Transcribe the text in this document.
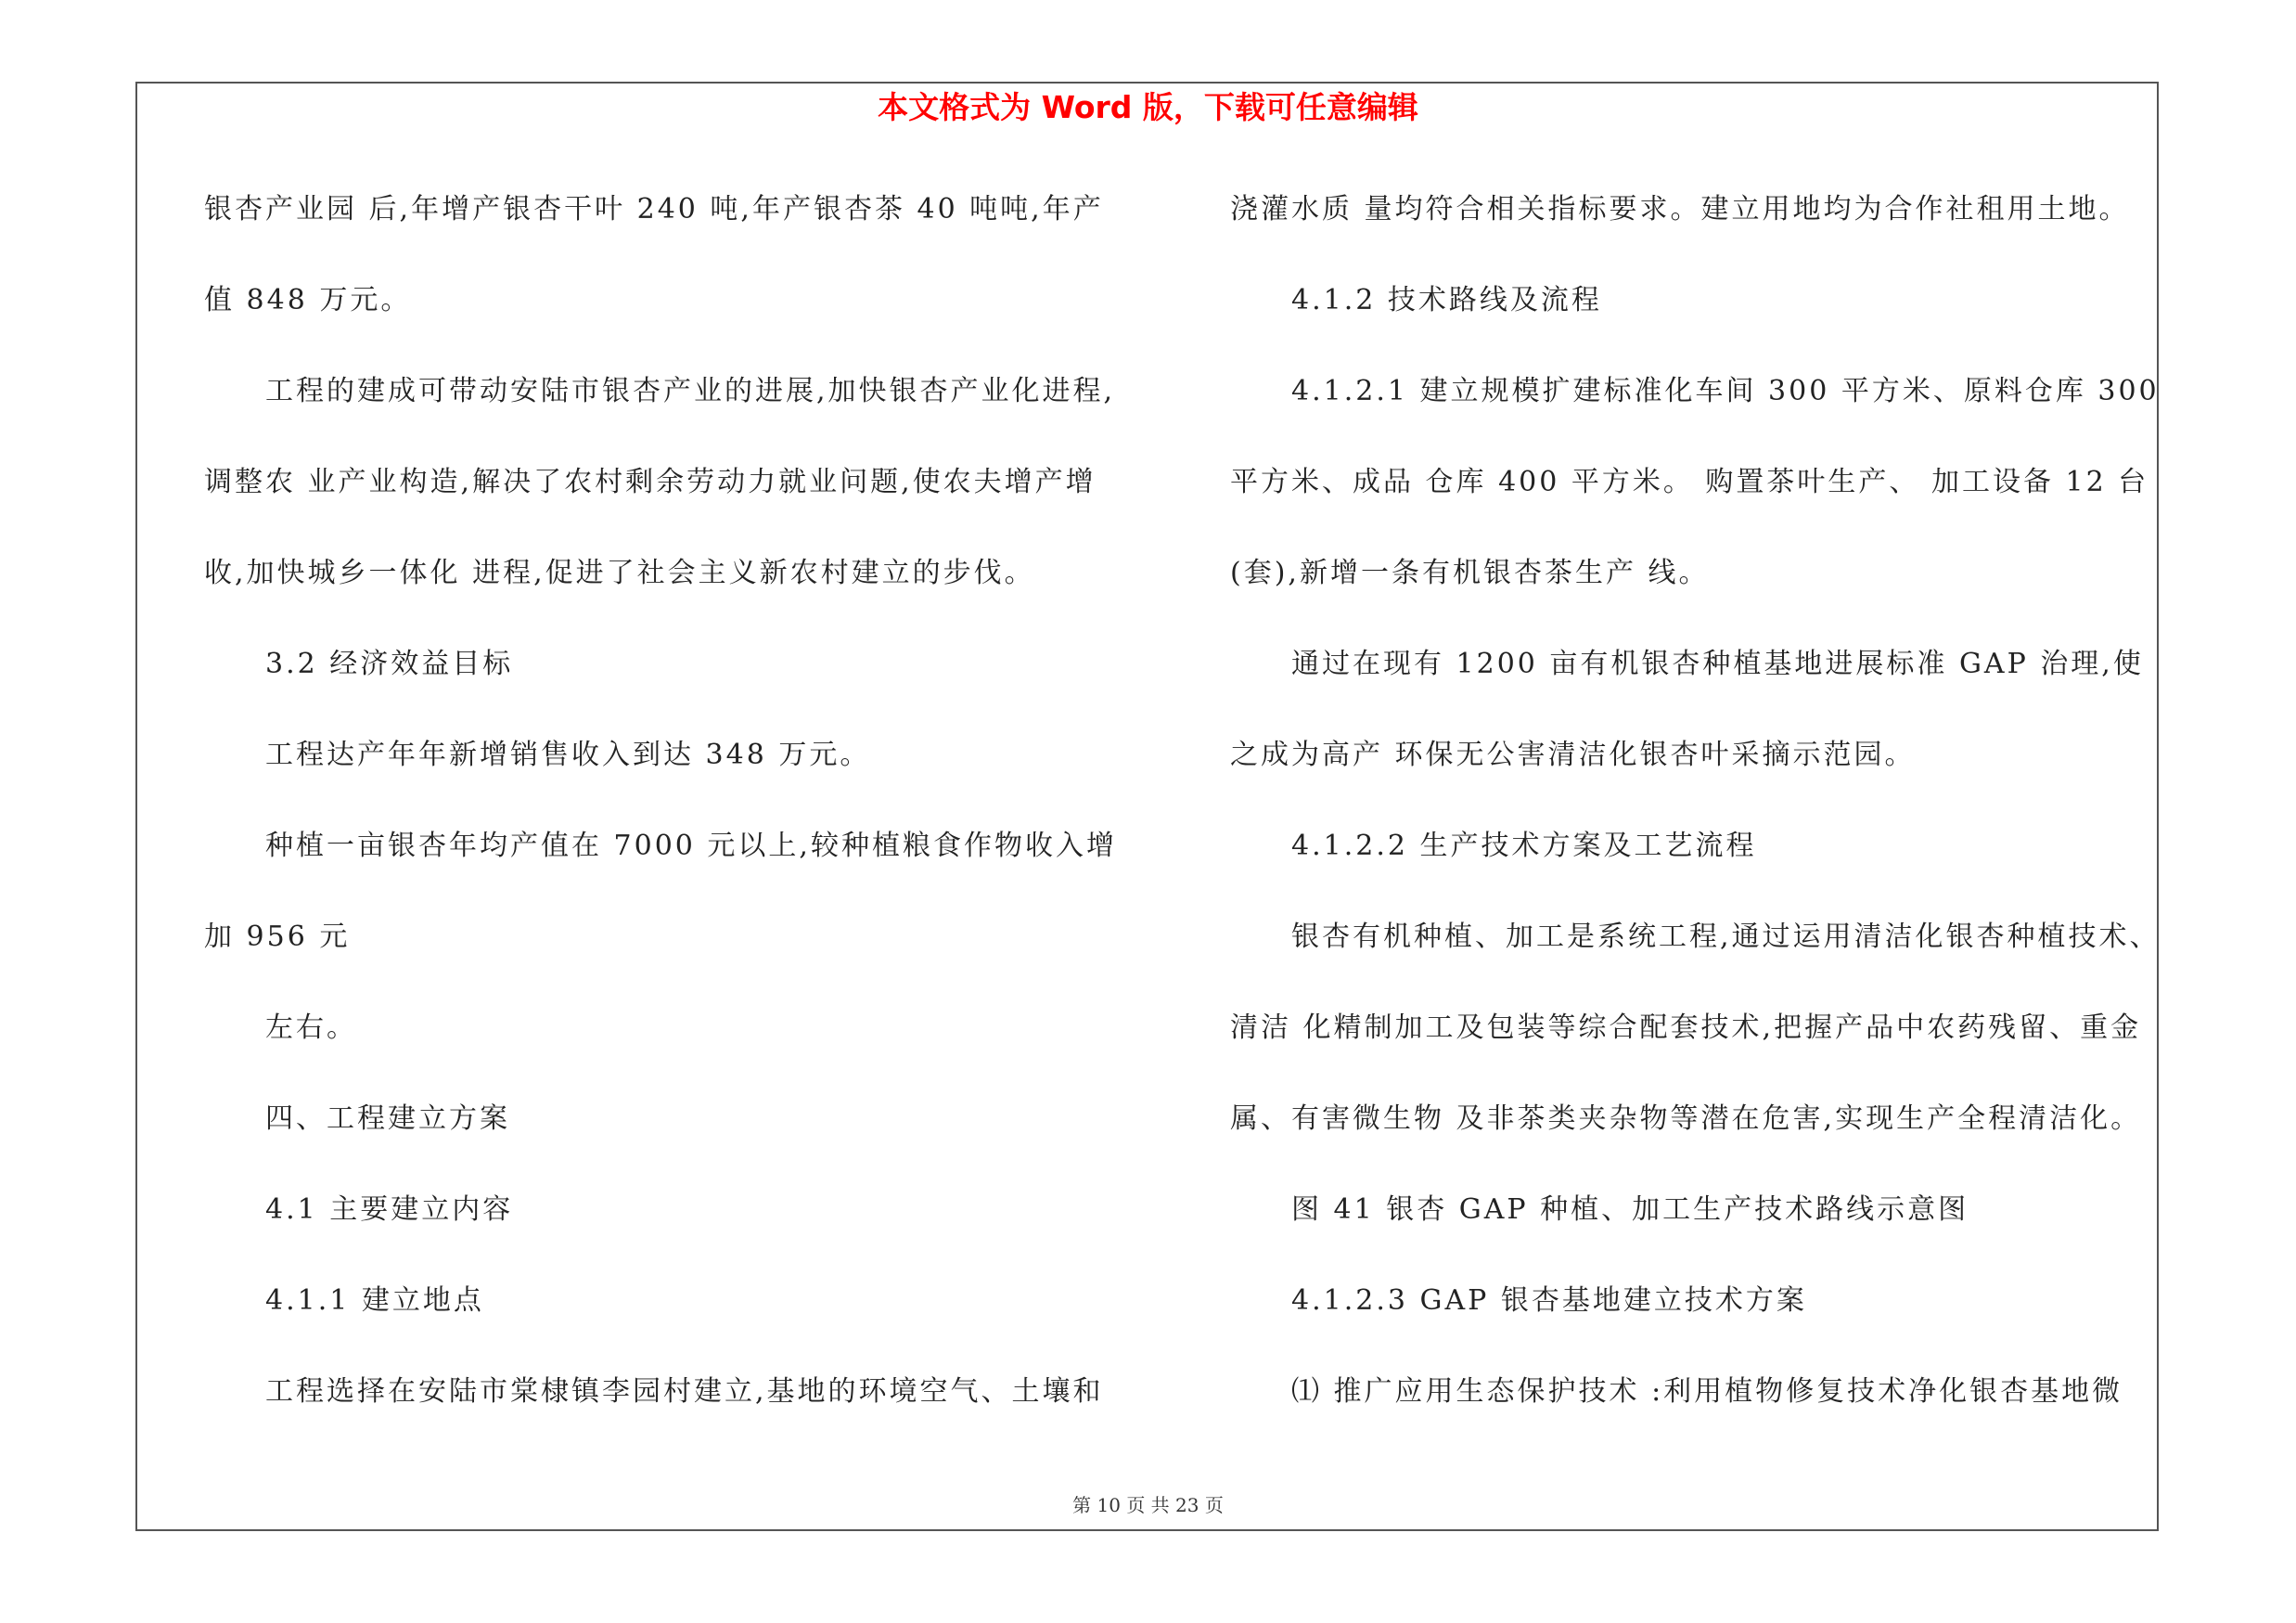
本文格式为 Word 版，下载可任意编辑
银杏产业园 后,年增产银杏干叶 240 吨,年产银杏茶 40 吨吨,年产
值 848 万元。
工程的建成可带动安陆市银杏产业的进展,加快银杏产业化进程,
调整农 业产业构造,解决了农村剩余劳动力就业问题,使农夫增产增
收,加快城乡一体化 进程,促进了社会主义新农村建立的步伐。
3.2 经济效益目标
工程达产年年新增销售收入到达 348 万元。
种植一亩银杏年均产值在 7000 元以上,较种植粮食作物收入增
加 956 元
左右。
四、工程建立方案
4.1 主要建立内容
4.1.1 建立地点
工程选择在安陆市棠棣镇李园村建立,基地的环境空气、土壤和
浇灌水质 量均符合相关指标要求。建立用地均为合作社租用土地。
4.1.2 技术路线及流程
4.1.2.1 建立规模扩建标准化车间 300 平方米、原料仓库 300
平方米、成品 仓库 400 平方米。 购置茶叶生产、 加工设备 12 台
(套),新增一条有机银杏茶生产 线。
通过在现有 1200 亩有机银杏种植基地进展标准 GAP 治理,使
之成为高产 环保无公害清洁化银杏叶采摘示范园。
4.1.2.2 生产技术方案及工艺流程
银杏有机种植、加工是系统工程,通过运用清洁化银杏种植技术、
清洁 化精制加工及包装等综合配套技术,把握产品中农药残留、重金
属、有害微生物 及非茶类夹杂物等潜在危害,实现生产全程清洁化。
图 41 银杏 GAP 种植、加工生产技术路线示意图
4.1.2.3 GAP 银杏基地建立技术方案
⑴ 推广应用生态保护技术 :利用植物修复技术净化银杏基地微
第 10 页 共 23 页
